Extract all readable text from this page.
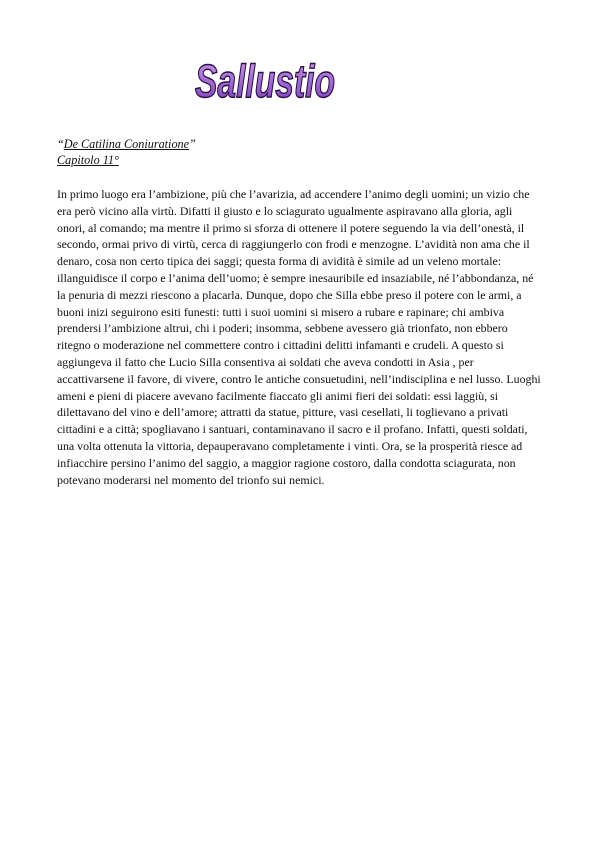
Sallustio
“De Catilina Coniuratione”
Capitolo 11°

In primo luogo era l’ambizione, più che l’avarizia, ad accendere l’animo degli uomini; un vizio che era però vicino alla virtù. Difatti il giusto e lo sciagurato ugualmente aspiravano alla gloria, agli onori, al comando; ma mentre il primo si sforza di ottenere il potere seguendo la via dell’onestà, il secondo, ormai privo di virtù, cerca di raggiungerlo con frodi e menzogne. L’avidità non ama che il denaro, cosa non certo tipica dei saggi; questa forma di avidità è simile ad un veleno mortale: illanguidisce il corpo e l’anima dell’uomo; è sempre inesauribile ed insaziabile, né l’abbondanza, né la penuria di mezzi riescono a placarla. Dunque, dopo che Silla ebbe preso il potere con le armi, a buoni inizi seguirono esiti funesti: tutti i suoi uomini si misero a rubare e rapinare; chi ambiva prendersi l’ambizione altrui, chi i poderi; insomma, sebbene avessero già trionfato, non ebbero ritegno o moderazione nel commettere contro i cittadini delitti infamanti e crudeli. A questo si aggiungeva il fatto che Lucio Silla consentiva ai soldati che aveva condotti in Asia , per accattivarsene il favore, di vivere, contro le antiche consuetudini, nell’indisciplina e nel lusso. Luoghi ameni e pieni di piacere avevano facilmente fiaccato gli animi fieri dei soldati: essi laggiù, si dilettavano del vino e dell’amore; attratti da statue, pitture, vasi cesellati, li toglievano a privati cittadini e a città; spogliavano i santuari, contaminavano il sacro e il profano. Infatti, questi soldati, una volta ottenuta la vittoria, depauperavano completamente i vinti. Ora, se la prosperità riesce ad infiacchire persino l’animo del saggio, a maggior ragione costoro, dalla condotta sciagurata, non potevano moderarsi nel momento del trionfo sui nemici.
